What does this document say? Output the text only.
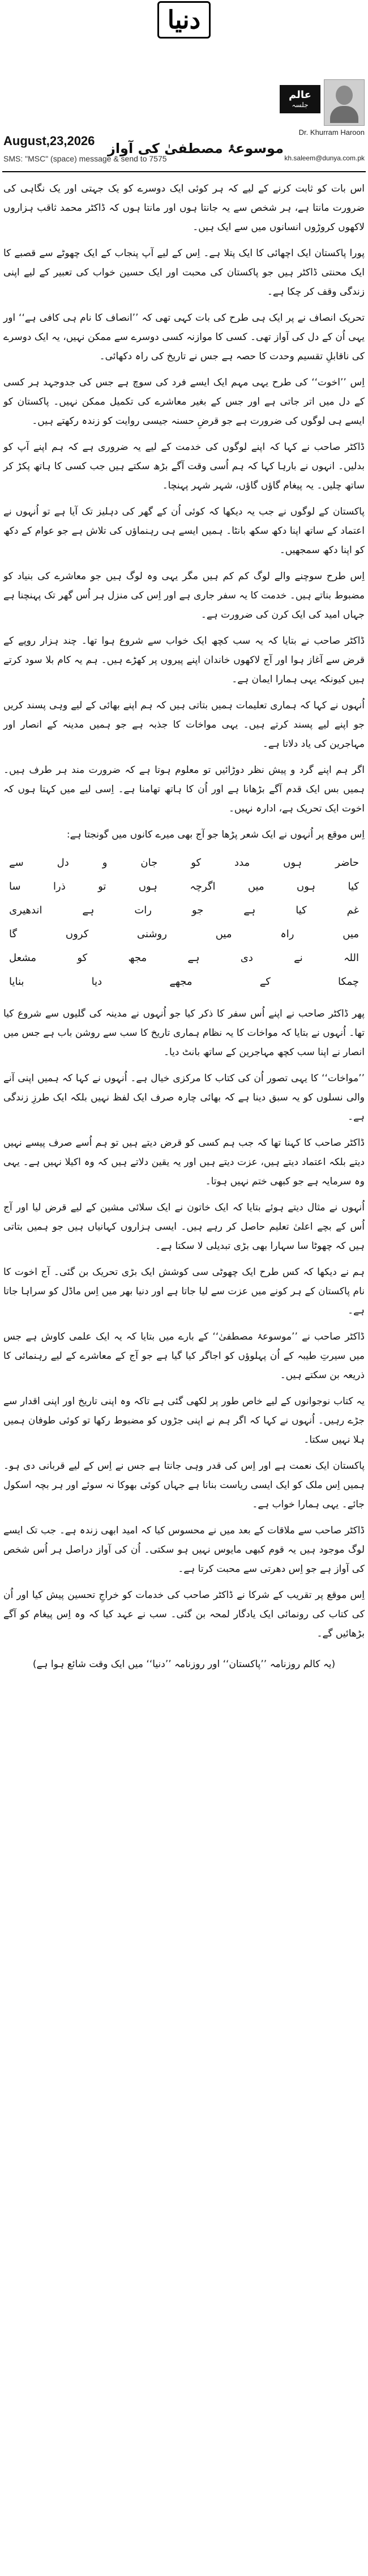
دنیا
عالم
جلسہ
Dr. Khurram Haroon
kh.saleem@dunya.com.pk
موسوعۂ مصطفیٰ کی آواز
August,23,2026
SMS: "MSC" (space) message & send to 7575

اس بات کو ثابت کرنے کے لیے کہ ہر کوئی ایک دوسرے کو یک جہتی اور یک نگاہی کی ضرورت مانتا ہے، ہر شخص سے یہ جانتا ہوں اور مانتا ہوں کہ ڈاکٹر محمد ثاقب ہزاروں لاکھوں کروڑوں انسانوں میں سے ایک ہیں۔

پورا پاکستان ایک اچھائی کا ایک پتلا ہے۔ اِس کے لیے آپ پنجاب کے ایک چھوٹے سے قصبے کا ایک محنتی ڈاکٹر ہیں جو پاکستان کی محبت اور ایک حسین خواب کی تعبیر کے لیے اپنی زندگی وقف کر چکا ہے۔

تحریک انصاف نے پر ایک ہی طرح کی بات کہی تھی کہ ’’انصاف کا نام ہی کافی ہے‘‘ اور یہی اُن کے دل کی آواز تھی۔ کسی کا موازنہ کسی دوسرے سے ممکن نہیں، یہ ایک دوسرے کی ناقابلِ تقسیم وحدت کا حصہ ہے جس نے تاریخ کی راہ دکھائی۔

اِس ’’اخوت‘‘ کی طرح یہی مہم ایک ایسے فرد کی سوچ ہے جس کی جدوجہد ہر کسی کے دل میں اتر جاتی ہے اور جس کے بغیر معاشرے کی تکمیل ممکن نہیں۔ پاکستان کو ایسے ہی لوگوں کی ضرورت ہے جو قرضِ حسنہ جیسی روایت کو زندہ رکھتے ہیں۔

ڈاکٹر صاحب نے کہا کہ اپنے لوگوں کی خدمت کے لیے یہ ضروری ہے کہ ہم اپنے آپ کو بدلیں۔ انہوں نے بارہا کہا کہ ہم اُسی وقت آگے بڑھ سکتے ہیں جب کسی کا ہاتھ پکڑ کر ساتھ چلیں۔ یہ پیغام گاؤں گاؤں، شہر شہر پہنچا۔

پاکستان کے لوگوں نے جب یہ دیکھا کہ کوئی اُن کے گھر کی دہلیز تک آیا ہے تو اُنہوں نے اعتماد کے ساتھ اپنا دکھ سکھ بانٹا۔ ہمیں ایسے ہی رہنماؤں کی تلاش ہے جو عوام کے دکھ کو اپنا دکھ سمجھیں۔

اِس طرح سوچنے والے لوگ کم کم ہیں مگر یہی وہ لوگ ہیں جو معاشرے کی بنیاد کو مضبوط بناتے ہیں۔ خدمت کا یہ سفر جاری ہے اور اِس کی منزل ہر اُس گھر تک پہنچنا ہے جہاں امید کی ایک کرن کی ضرورت ہے۔

ڈاکٹر صاحب نے بتایا کہ یہ سب کچھ ایک خواب سے شروع ہوا تھا۔ چند ہزار روپے کے قرض سے آغاز ہوا اور آج لاکھوں خاندان اپنے پیروں پر کھڑے ہیں۔ ہم یہ کام بلا سود کرتے ہیں کیونکہ یہی ہمارا ایمان ہے۔

اُنہوں نے کہا کہ ہماری تعلیمات ہمیں بتاتی ہیں کہ ہم اپنے بھائی کے لیے وہی پسند کریں جو اپنے لیے پسند کرتے ہیں۔ یہی مواخات کا جذبہ ہے جو ہمیں مدینہ کے انصار اور مہاجرین کی یاد دلاتا ہے۔

اگر ہم اپنے گرد و پیش نظر دوڑائیں تو معلوم ہوتا ہے کہ ضرورت مند ہر طرف ہیں۔ ہمیں بس ایک قدم آگے بڑھانا ہے اور اُن کا ہاتھ تھامنا ہے۔ اِسی لیے میں کہتا ہوں کہ اخوت ایک تحریک ہے، ادارہ نہیں۔

اِس موقع پر اُنہوں نے ایک شعر پڑھا جو آج بھی میرے کانوں میں گونجتا ہے:

حاضر
ہوں
مدد
کو
جان
و
دل
سے
کیا
ہوں
میں
اگرچہ
ہوں
تو
ذرا
سا
غم
کیا
ہے
جو
رات
ہے
اندھیری
میں
راہ
میں
روشنی
کروں
گا
اللہ
نے
دی
ہے
مجھ
کو
مشعل
چمکا
کے
مجھے
دیا
بنایا

پھر ڈاکٹر صاحب نے اپنے اُس سفر کا ذکر کیا جو اُنہوں نے مدینہ کی گلیوں سے شروع کیا تھا۔ اُنہوں نے بتایا کہ مواخات کا یہ نظام ہماری تاریخ کا سب سے روشن باب ہے جس میں انصار نے اپنا سب کچھ مہاجرین کے ساتھ بانٹ دیا۔

’’مواخات‘‘ کا یہی تصور اُن کی کتاب کا مرکزی خیال ہے۔ اُنہوں نے کہا کہ ہمیں اپنی آنے والی نسلوں کو یہ سبق دینا ہے کہ بھائی چارہ صرف ایک لفظ نہیں بلکہ ایک طرزِ زندگی ہے۔

ڈاکٹر صاحب کا کہنا تھا کہ جب ہم کسی کو قرض دیتے ہیں تو ہم اُسے صرف پیسے نہیں دیتے بلکہ اعتماد دیتے ہیں، عزت دیتے ہیں اور یہ یقین دلاتے ہیں کہ وہ اکیلا نہیں ہے۔ یہی وہ سرمایہ ہے جو کبھی ختم نہیں ہوتا۔

اُنہوں نے مثال دیتے ہوئے بتایا کہ ایک خاتون نے ایک سلائی مشین کے لیے قرض لیا اور آج اُس کے بچے اعلیٰ تعلیم حاصل کر رہے ہیں۔ ایسی ہزاروں کہانیاں ہیں جو ہمیں بتاتی ہیں کہ چھوٹا سا سہارا بھی بڑی تبدیلی لا سکتا ہے۔

ہم نے دیکھا کہ کس طرح ایک چھوٹی سی کوشش ایک بڑی تحریک بن گئی۔ آج اخوت کا نام پاکستان کے ہر کونے میں عزت سے لیا جاتا ہے اور دنیا بھر میں اِس ماڈل کو سراہا جاتا ہے۔

ڈاکٹر صاحب نے ’’موسوعۂ مصطفیٰ‘‘ کے بارے میں بتایا کہ یہ ایک علمی کاوش ہے جس میں سیرتِ طیبہ کے اُن پہلوؤں کو اجاگر کیا گیا ہے جو آج کے معاشرے کے لیے رہنمائی کا ذریعہ بن سکتے ہیں۔

یہ کتاب نوجوانوں کے لیے خاص طور پر لکھی گئی ہے تاکہ وہ اپنی تاریخ اور اپنی اقدار سے جڑے رہیں۔ اُنہوں نے کہا کہ اگر ہم نے اپنی جڑوں کو مضبوط رکھا تو کوئی طوفان ہمیں ہلا نہیں سکتا۔

پاکستان ایک نعمت ہے اور اِس کی قدر وہی جانتا ہے جس نے اِس کے لیے قربانی دی ہو۔ ہمیں اِس ملک کو ایک ایسی ریاست بنانا ہے جہاں کوئی بھوکا نہ سوئے اور ہر بچہ اسکول جائے۔ یہی ہمارا خواب ہے۔

ڈاکٹر صاحب سے ملاقات کے بعد میں نے محسوس کیا کہ امید ابھی زندہ ہے۔ جب تک ایسے لوگ موجود ہیں یہ قوم کبھی مایوس نہیں ہو سکتی۔ اُن کی آواز دراصل ہر اُس شخص کی آواز ہے جو اِس دھرتی سے محبت کرتا ہے۔

اِس موقع پر تقریب کے شرکا نے ڈاکٹر صاحب کی خدمات کو خراجِ تحسین پیش کیا اور اُن کی کتاب کی رونمائی ایک یادگار لمحہ بن گئی۔ سب نے عہد کیا کہ وہ اِس پیغام کو آگے بڑھائیں گے۔

(یہ کالم روزنامہ ’’پاکستان‘‘ اور روزنامہ ’’دنیا‘‘ میں ایک وقت شائع ہوا ہے)
